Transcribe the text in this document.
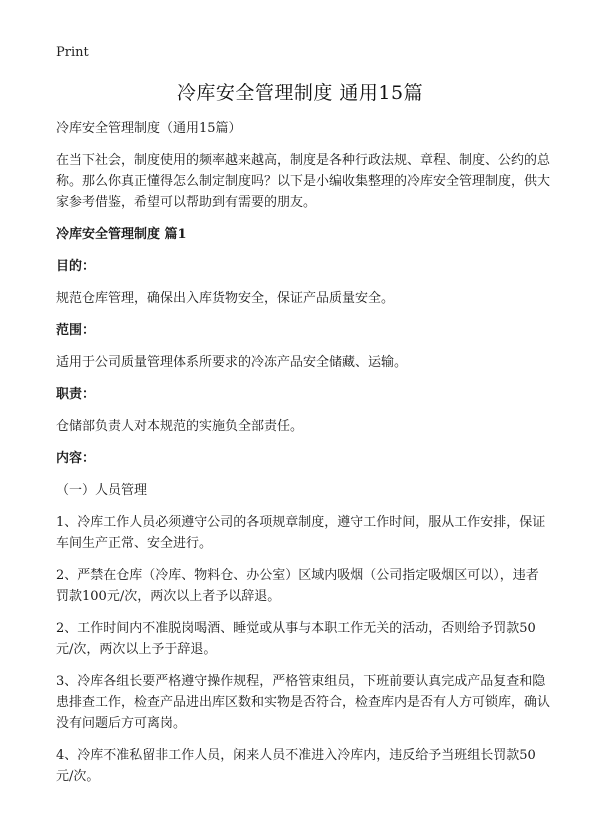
Print
冷库安全管理制度 通用15篇

冷库安全管理制度（通用15篇）

在当下社会，制度使用的频率越来越高，制度是各种行政法规、章程、制度、公约的总称。那么你真正懂得怎么制定制度吗？以下是小编收集整理的冷库安全管理制度，供大家参考借鉴，希望可以帮助到有需要的朋友。

冷库安全管理制度 篇1

目的：

规范仓库管理，确保出入库货物安全，保证产品质量安全。

范围：

适用于公司质量管理体系所要求的冷冻产品安全储藏、运输。

职责：

仓储部负责人对本规范的实施负全部责任。

内容：

（一）人员管理

1、冷库工作人员必须遵守公司的各项规章制度，遵守工作时间，服从工作安排，保证车间生产正常、安全进行。

2、严禁在仓库（冷库、物料仓、办公室）区域内吸烟（公司指定吸烟区可以），违者罚款100元/次，两次以上者予以辞退。

2、工作时间内不准脱岗喝酒、睡觉或从事与本职工作无关的活动，否则给予罚款50元/次，两次以上予于辞退。

3、冷库各组长要严格遵守操作规程，严格管束组员，下班前要认真完成产品复查和隐患排查工作，检查产品进出库区数和实物是否符合，检查库内是否有人方可锁库，确认没有问题后方可离岗。

4、冷库不准私留非工作人员，闲来人员不准进入冷库内，违反给予当班组长罚款50元/次。
